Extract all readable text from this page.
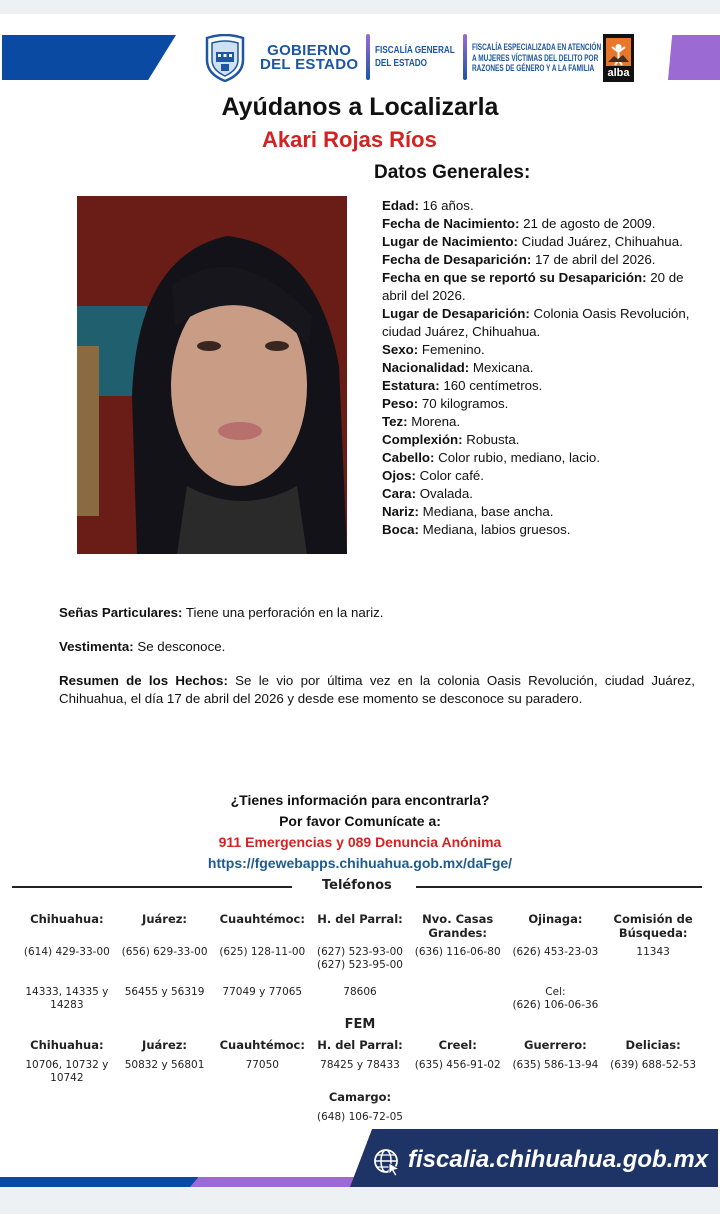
GOBIERNO
DEL ESTADO
FISCALÍA GENERAL
DEL ESTADO
FISCALÍA ESPECIALIZADA EN ATENCIÓN
A MUJERES VÍCTIMAS DEL DELITO POR
RAZONES DE GÉNERO Y A LA FAMILIA	alba
Ayúdanos a Localizarla
Akari Rojas Ríos
Datos Generales:
Edad: 16 años.
Fecha de Nacimiento: 21 de agosto de 2009.
Lugar de Nacimiento: Ciudad Juárez, Chihuahua.
Fecha de Desaparición: 17 de abril del 2026.
Fecha en que se reportó su Desaparición: 20 de abril del 2026.
Lugar de Desaparición: Colonia Oasis Revolución, ciudad Juárez, Chihuahua.
Sexo: Femenino.
Nacionalidad: Mexicana.
Estatura: 160 centímetros.
Peso: 70 kilogramos.
Tez: Morena.
Complexión: Robusta.
Cabello: Color rubio, mediano, lacio.
Ojos: Color café.
Cara: Ovalada.
Nariz: Mediana, base ancha.
Boca: Mediana, labios gruesos.
Señas Particulares: Tiene una perforación en la nariz.
Vestimenta: Se desconoce.
Resumen de los Hechos: Se le vio por última vez en la colonia Oasis Revolución, ciudad Juárez, Chihuahua, el día 17 de abril del 2026 y desde ese momento se desconoce su paradero.
¿Tienes información para encontrarla?
Por favor Comunícate a:
911 Emergencias y 089 Denuncia Anónima
https://fgewebapps.chihuahua.gob.mx/daFge/
Teléfonos
Chihuahua:
(614) 429-33-00
14333, 14335 y 14283
Juárez:
(656) 629-33-00
56455 y 56319
Cuauhtémoc:
(625) 128-11-00
77049 y 77065
H. del Parral:
(627) 523-93-00
(627) 523-95-00
78606
Nvo. Casas Grandes:
(636) 116-06-80
Ojinaga:
(626) 453-23-03
Cel:
(626) 106-06-36
Comisión de Búsqueda:
11343
FEM
Chihuahua:
10706, 10732 y 10742
Juárez:
50832 y 56801
Cuauhtémoc:
77050
H. del Parral:
78425 y 78433
Creel:
(635) 456-91-02
Guerrero:
(635) 586-13-94
Delicias:
(639) 688-52-53
Camargo:
(648) 106-72-05
fiscalia.chihuahua.gob.mx
